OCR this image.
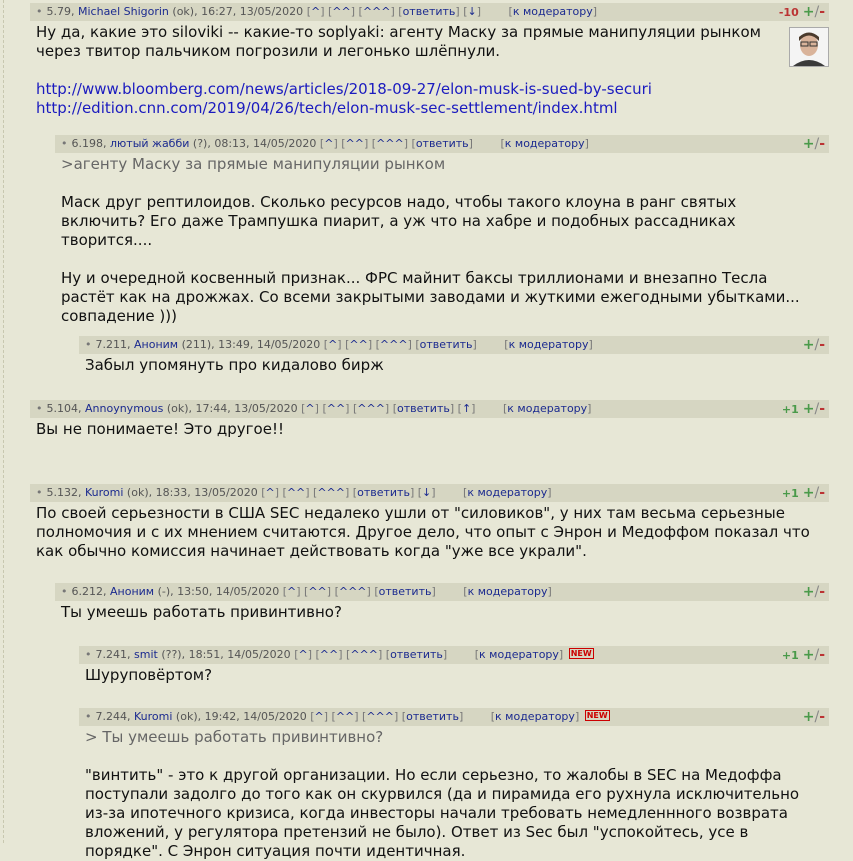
• 5.79, Michael Shigorin (ok), 16:27, 13/05/2020 [^] [^^] [^^^] [ответить] [↓]	[к модератору]	-10 +/-

Ну да, какие это siloviki -- какие-то soplyaki: агенту Маску за прямые манипуляции рынком через твитор пальчиком погрозили и легонько шлёпнули.

http://www.bloomberg.com/news/articles/2018-09-27/elon-musk-is-sued-by-securi

http://edition.cnn.com/2019/04/26/tech/elon-musk-sec-settlement/index.html

• 6.198, лютый жабби (?), 08:13, 14/05/2020 [^] [^^] [^^^] [ответить]	[к модератору]	+/-

>агенту Маску за прямые манипуляции рынком

Маск друг рептилоидов. Сколько ресурсов надо, чтобы такого клоуна в ранг святых включить? Его даже Трампушка пиарит, а уж что на хабре и подобных рассадниках творится....

Ну и очередной косвенный признак... ФРС майнит баксы триллионами и внезапно Тесла растёт как на дрожжах. Со всеми закрытыми заводами и жуткими ежегодными убытками... совпадение )))

• 7.211, Аноним (211), 13:49, 14/05/2020 [^] [^^] [^^^] [ответить]	[к модератору]	+/-

Забыл упомянуть про кидалово бирж

• 5.104, Annoynymous (ok), 17:44, 13/05/2020 [^] [^^] [^^^] [ответить] [↑]	[к модератору]	+1 +/-

Вы не понимаете! Это другое!!

• 5.132, Kuromi (ok), 18:33, 13/05/2020 [^] [^^] [^^^] [ответить] [↓]	[к модератору]	+1 +/-

По своей серьезности в США SEC недалеко ушли от "силовиков", у них там весьма серьезные полномочия и с их мнением считаются. Другое дело, что опыт с Энрон и Медоффом показал что как обычно комиссия начинает действовать когда "уже все украли".

• 6.212, Аноним (-), 13:50, 14/05/2020 [^] [^^] [^^^] [ответить]	[к модератору]	+/-

Ты умеешь работать привинтивно?

• 7.241, smit (??), 18:51, 14/05/2020 [^] [^^] [^^^] [ответить]	[к модератору] NEW	+1 +/-

Шуруповёртом?

• 7.244, Kuromi (ok), 19:42, 14/05/2020 [^] [^^] [^^^] [ответить]	[к модератору] NEW	+/-

> Ты умеешь работать привинтивно?

"винтить" - это к другой организации. Но если серьезно, то жалобы в SEC на Медоффа поступали задолго до того как он скурвился (да и пирамида его рухнула исключительно из-за ипотечного кризиса, когда инвесторы начали требовать немедленнного возврата вложений, у регулятора претензий не было). Ответ из Sec был "успокойтесь, усе в порядке". С Энрон ситуация почти идентичная.
